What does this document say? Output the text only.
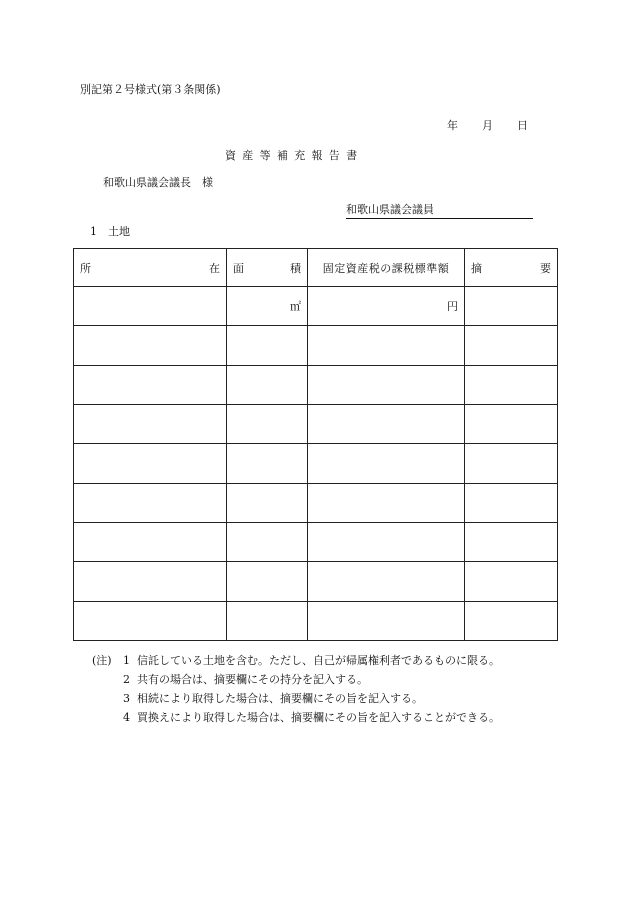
別記第２号様式(第３条関係)
年 月 日
資産等補充報告書
和歌山県議会議長　様
和歌山県議会議員
1　土地
所 在	面 積	固定資産税の課税標準額	摘 要

	㎡	円	

(注)	1 信託している土地を含む。ただし、自己が帰属権利者であるものに限る。
2 共有の場合は、摘要欄にその持分を記入する。
3 相続により取得した場合は、摘要欄にその旨を記入する。
4 買換えにより取得した場合は、摘要欄にその旨を記入することができる。
